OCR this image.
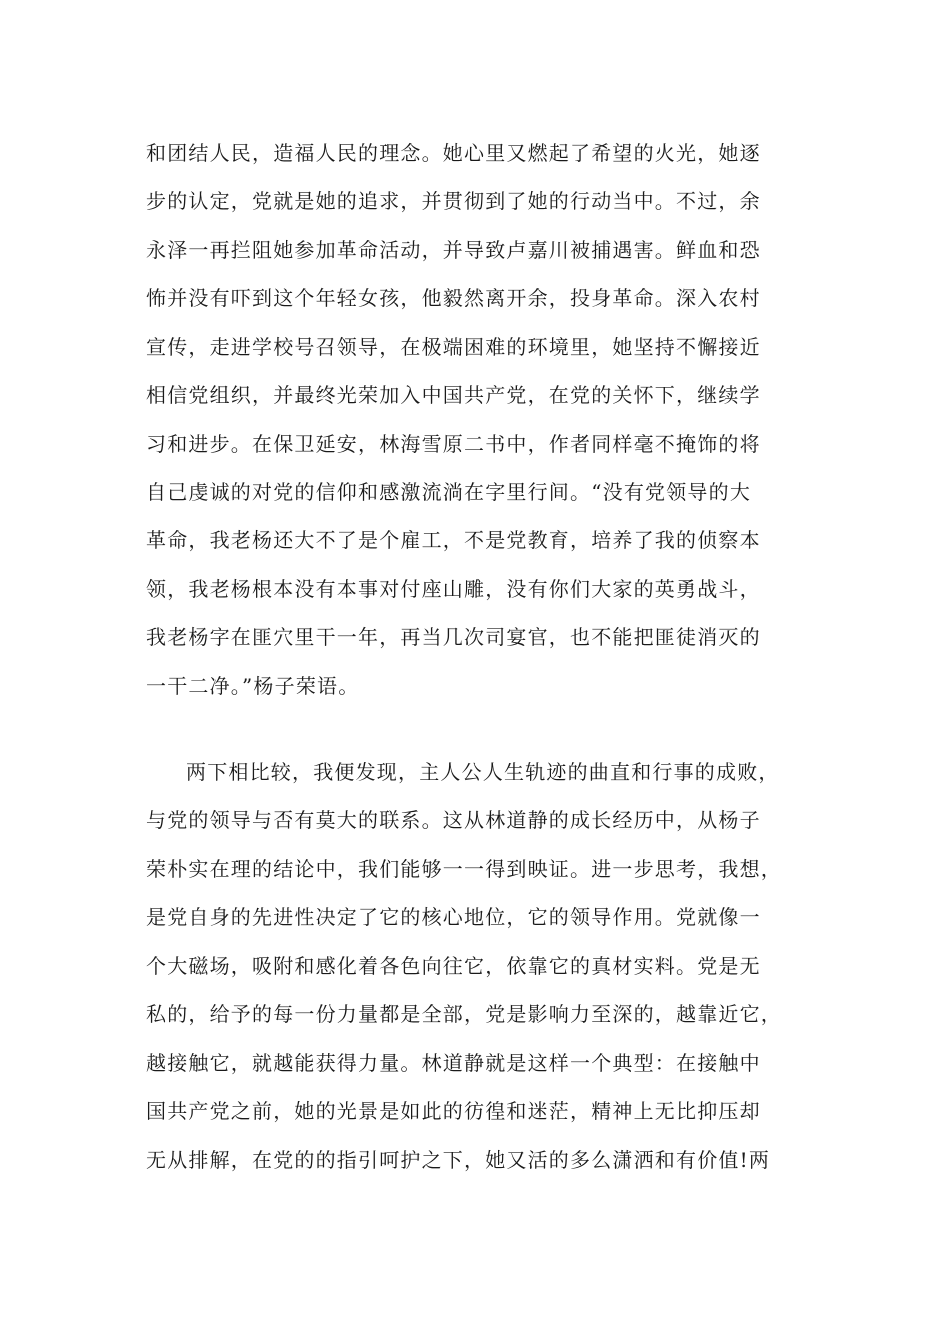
和团结人民，造福人民的理念。她心里又燃起了希望的火光，她逐
步的认定，党就是她的追求，并贯彻到了她的行动当中。不过，余
永泽一再拦阻她参加革命活动，并导致卢嘉川被捕遇害。鲜血和恐
怖并没有吓到这个年轻女孩，他毅然离开余，投身革命。深入农村
宣传，走进学校号召领导，在极端困难的环境里，她坚持不懈接近
相信党组织，并最终光荣加入中国共产党，在党的关怀下，继续学
习和进步。在保卫延安，林海雪原二书中，作者同样毫不掩饰的将
自己虔诚的对党的信仰和感激流淌在字里行间。“没有党领导的大
革命，我老杨还大不了是个雇工，不是党教育，培养了我的侦察本
领，我老杨根本没有本事对付座山雕，没有你们大家的英勇战斗，
我老杨字在匪穴里干一年，再当几次司宴官，也不能把匪徒消灭的
一干二净。”杨子荣语。
两下相比较，我便发现，主人公人生轨迹的曲直和行事的成败，
与党的领导与否有莫大的联系。这从林道静的成长经历中，从杨子
荣朴实在理的结论中，我们能够一一得到映证。进一步思考，我想，
是党自身的先进性决定了它的核心地位，它的领导作用。党就像一
个大磁场，吸附和感化着各色向往它，依靠它的真材实料。党是无
私的，给予的每一份力量都是全部，党是影响力至深的，越靠近它，
越接触它，就越能获得力量。林道静就是这样一个典型：在接触中
国共产党之前，她的光景是如此的彷徨和迷茫，精神上无比抑压却
无从排解，在党的的指引呵护之下，她又活的多么潇洒和有价值!两
